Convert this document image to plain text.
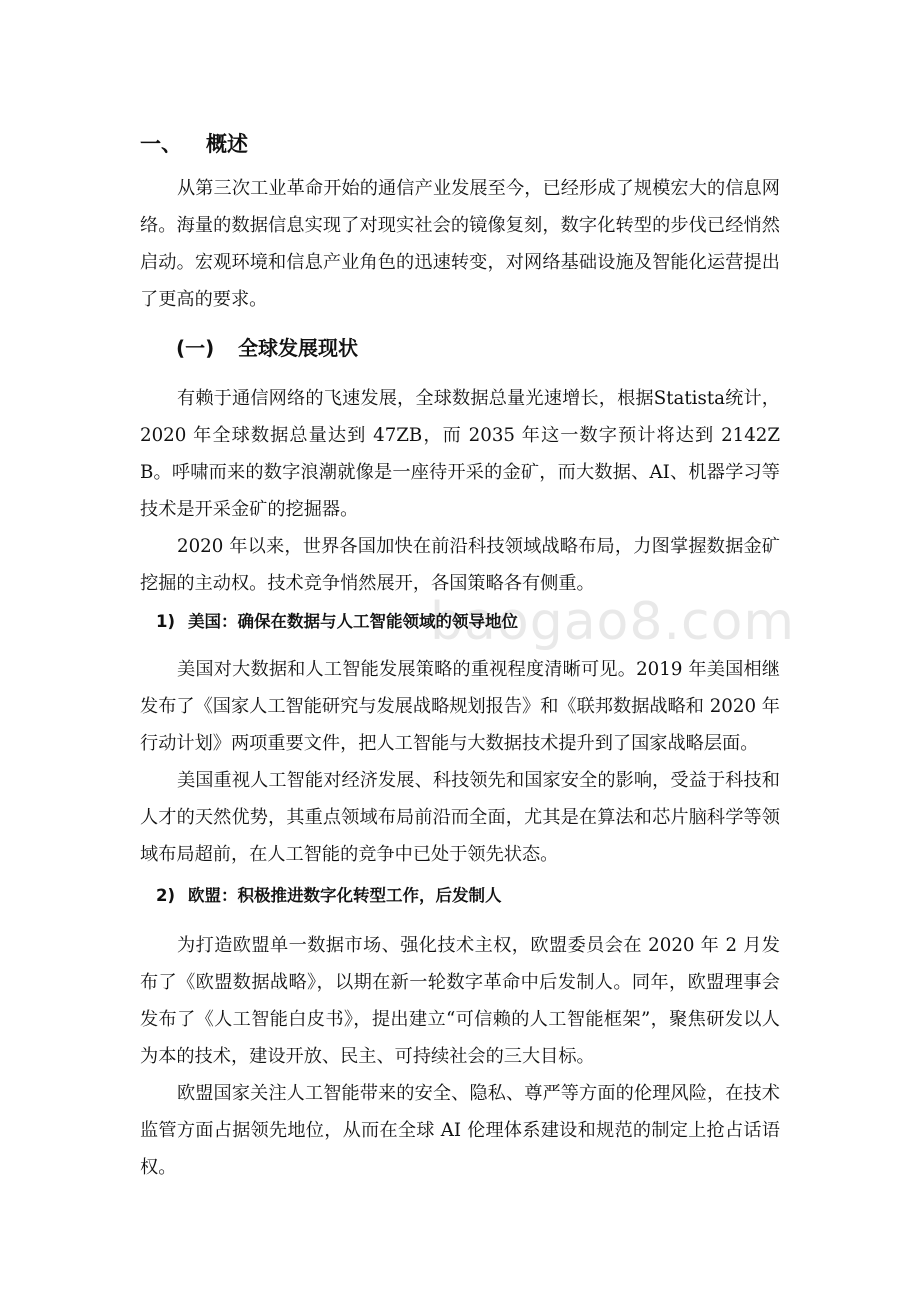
baogao8.com
一、 概述

从第三次工业革命开始的通信产业发展至今，已经形成了规模宏大的信息网络。海量的数据信息实现了对现实社会的镜像复刻，数字化转型的步伐已经悄然启动。宏观环境和信息产业角色的迅速转变，对网络基础设施及智能化运营提出了更高的要求。

(一) 全球发展现状

有赖于通信网络的飞速发展，全球数据总量光速增长，根据Statista统计，2020 年全球数据总量达到 47ZB，而 2035 年这一数字预计将达到 2142ZB。呼啸而来的数字浪潮就像是一座待开采的金矿，而大数据、AI、机器学习等技术是开采金矿的挖掘器。

2020 年以来，世界各国加快在前沿科技领域战略布局，力图掌握数据金矿挖掘的主动权。技术竞争悄然展开，各国策略各有侧重。

1) 美国：确保在数据与人工智能领域的领导地位

美国对大数据和人工智能发展策略的重视程度清晰可见。2019 年美国相继发布了《国家人工智能研究与发展战略规划报告》和《联邦数据战略和 2020 年行动计划》两项重要文件，把人工智能与大数据技术提升到了国家战略层面。

美国重视人工智能对经济发展、科技领先和国家安全的影响，受益于科技和人才的天然优势，其重点领域布局前沿而全面，尤其是在算法和芯片脑科学等领域布局超前，在人工智能的竞争中已处于领先状态。

2) 欧盟：积极推进数字化转型工作，后发制人

为打造欧盟单一数据市场、强化技术主权，欧盟委员会在 2020 年 2 月发布了《欧盟数据战略》，以期在新一轮数字革命中后发制人。同年，欧盟理事会发布了《人工智能白皮书》，提出建立“可信赖的人工智能框架”，聚焦研发以人为本的技术，建设开放、民主、可持续社会的三大目标。

欧盟国家关注人工智能带来的安全、隐私、尊严等方面的伦理风险，在技术监管方面占据领先地位，从而在全球 AI 伦理体系建设和规范的制定上抢占话语权。
